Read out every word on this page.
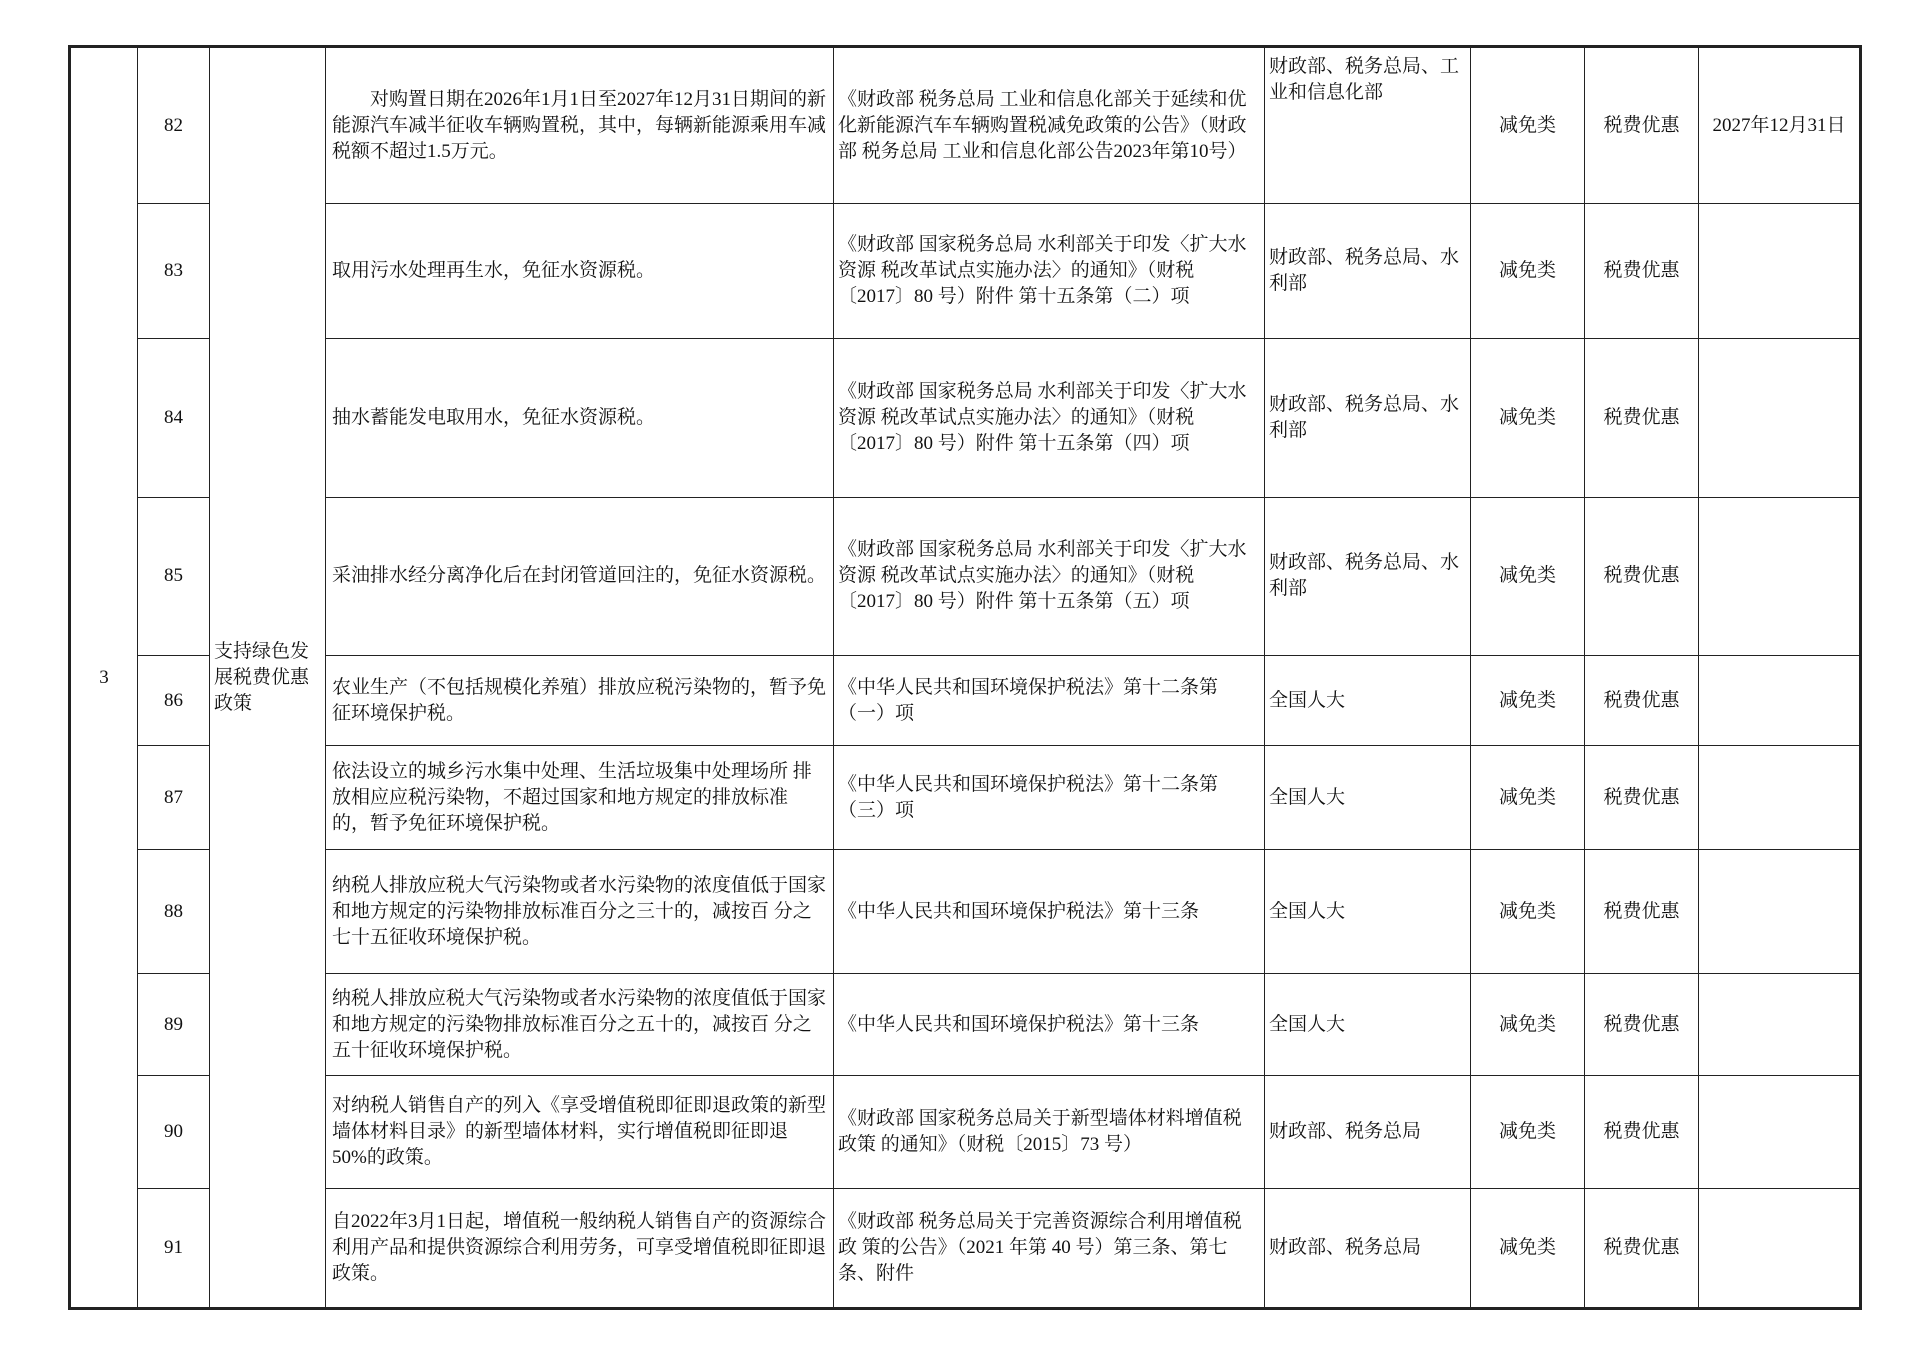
3	82	支持绿色发展税费优惠政策	对购置日期在2026年1月1日至2027年12月31日期间的新能源汽车减半征收车辆购置税，其中，每辆新能源乘用车减税额不超过1.5万元。	《财政部 税务总局 工业和信息化部关于延续和优化新能源汽车车辆购置税减免政策的公告》（财政部 税务总局 工业和信息化部公告2023年第10号）	财政部、税务总局、工业和信息化部	减免类	税费优惠	2027年12月31日
	83		取用污水处理再生水，免征水资源税。	《财政部 国家税务总局 水利部关于印发〈扩大水资源 税改革试点实施办法〉的通知》（财税〔2017〕80 号）附件 第十五条第（二）项	财政部、税务总局、水利部	减免类	税费优惠	
	84		抽水蓄能发电取用水，免征水资源税。	《财政部 国家税务总局 水利部关于印发〈扩大水资源 税改革试点实施办法〉的通知》（财税〔2017〕80 号）附件 第十五条第（四）项	财政部、税务总局、水利部	减免类	税费优惠	
	85		采油排水经分离净化后在封闭管道回注的，免征水资源税。	《财政部 国家税务总局 水利部关于印发〈扩大水资源 税改革试点实施办法〉的通知》（财税〔2017〕80 号）附件 第十五条第（五）项	财政部、税务总局、水利部	减免类	税费优惠	
	86		农业生产（不包括规模化养殖）排放应税污染物的，暂予免征环境保护税。	《中华人民共和国环境保护税法》第十二条第（一）项	全国人大	减免类	税费优惠	
	87		依法设立的城乡污水集中处理、生活垃圾集中处理场所 排放相应应税污染物，不超过国家和地方规定的排放标准 的，暂予免征环境保护税。	《中华人民共和国环境保护税法》第十二条第（三）项	全国人大	减免类	税费优惠	
	88		纳税人排放应税大气污染物或者水污染物的浓度值低于国家和地方规定的污染物排放标准百分之三十的，减按百 分之七十五征收环境保护税。	《中华人民共和国环境保护税法》第十三条	全国人大	减免类	税费优惠	
	89		纳税人排放应税大气污染物或者水污染物的浓度值低于国家和地方规定的污染物排放标准百分之五十的，减按百 分之五十征收环境保护税。	《中华人民共和国环境保护税法》第十三条	全国人大	减免类	税费优惠	
	90		对纳税人销售自产的列入《享受增值税即征即退政策的新型墙体材料目录》的新型墙体材料，实行增值税即征即退 50%的政策。	《财政部 国家税务总局关于新型墙体材料增值税政策 的通知》（财税〔2015〕73 号）	财政部、税务总局	减免类	税费优惠	
	91		自2022年3月1日起，增值税一般纳税人销售自产的资源综合利用产品和提供资源综合利用劳务，可享受增值税即征即退政策。	《财政部 税务总局关于完善资源综合利用增值税政 策的公告》（2021 年第 40 号）第三条、第七条、附件	财政部、税务总局	减免类	税费优惠	
